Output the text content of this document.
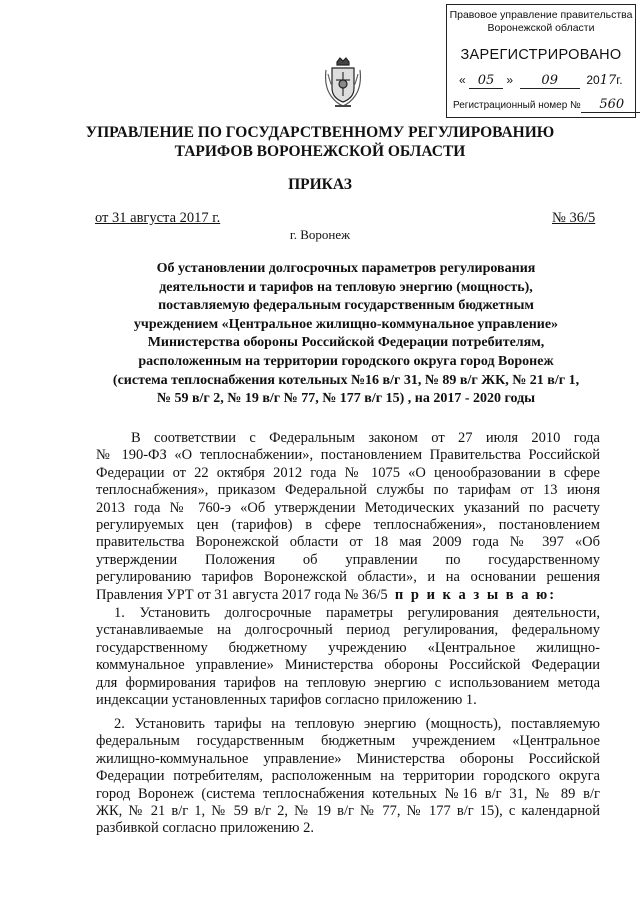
Правовое управление правительства
Воронежской области
ЗАРЕГИСТРИРОВАНО
« 05 »  09 2017г.
Регистрационный номер № 560
УПРАВЛЕНИЕ ПО ГОСУДАРСТВЕННОМУ РЕГУЛИРОВАНИЮ
ТАРИФОВ ВОРОНЕЖСКОЙ ОБЛАСТИ
ПРИКАЗ
от 31 августа 2017 г.	№ 36/5
г. Воронеж
Об установлении долгосрочных параметров регулирования
деятельности и тарифов на тепловую энергию (мощность),
поставляемую федеральным государственным бюджетным
учреждением «Центральное жилищно-коммунальное управление»
Министерства обороны Российской Федерации потребителям,
расположенным на территории городского округа город Воронеж
(система теплоснабжения котельных №16 в/г 31, № 89 в/г ЖК, № 21 в/г 1,
№ 59 в/г 2, № 19 в/г № 77, № 177 в/г 15) , на 2017 - 2020 годы
В соответствии с Федеральным законом от 27 июля 2010 года
№ 190-ФЗ «О теплоснабжении», постановлением Правительства Российской
Федерации от 22 октября 2012 года № 1075 «О ценообразовании в сфере
теплоснабжения», приказом Федеральной службы по тарифам от 13 июня
2013 года № 760-э «Об утверждении Методических указаний по расчету
регулируемых цен (тарифов) в сфере теплоснабжения», постановлением
правительства Воронежской области от 18 мая 2009 года № 397 «Об
утверждении Положения об управлении по государственному
регулированию тарифов Воронежской области», и на основании решения
Правления УРТ от 31 августа 2017 года № 36/5 п р и к а з ы в а ю:
1. Установить долгосрочные параметры регулирования деятельности,
устанавливаемые на долгосрочный период регулирования, федеральному
государственному бюджетному учреждению «Центральное жилищно-
коммунальное управление» Министерства обороны Российской Федерации
для формирования тарифов на тепловую энергию с использованием метода
индексации установленных тарифов согласно приложению 1.
2. Установить тарифы на тепловую энергию (мощность), поставляемую
федеральным государственным бюджетным учреждением «Центральное
жилищно-коммунальное управление» Министерства обороны Российской
Федерации потребителям, расположенным на территории городского округа
город Воронеж (система теплоснабжения котельных №16 в/г 31, № 89 в/г
ЖК, № 21 в/г 1, № 59 в/г 2, № 19 в/г № 77, № 177 в/г 15), с календарной
разбивкой согласно приложению 2.
